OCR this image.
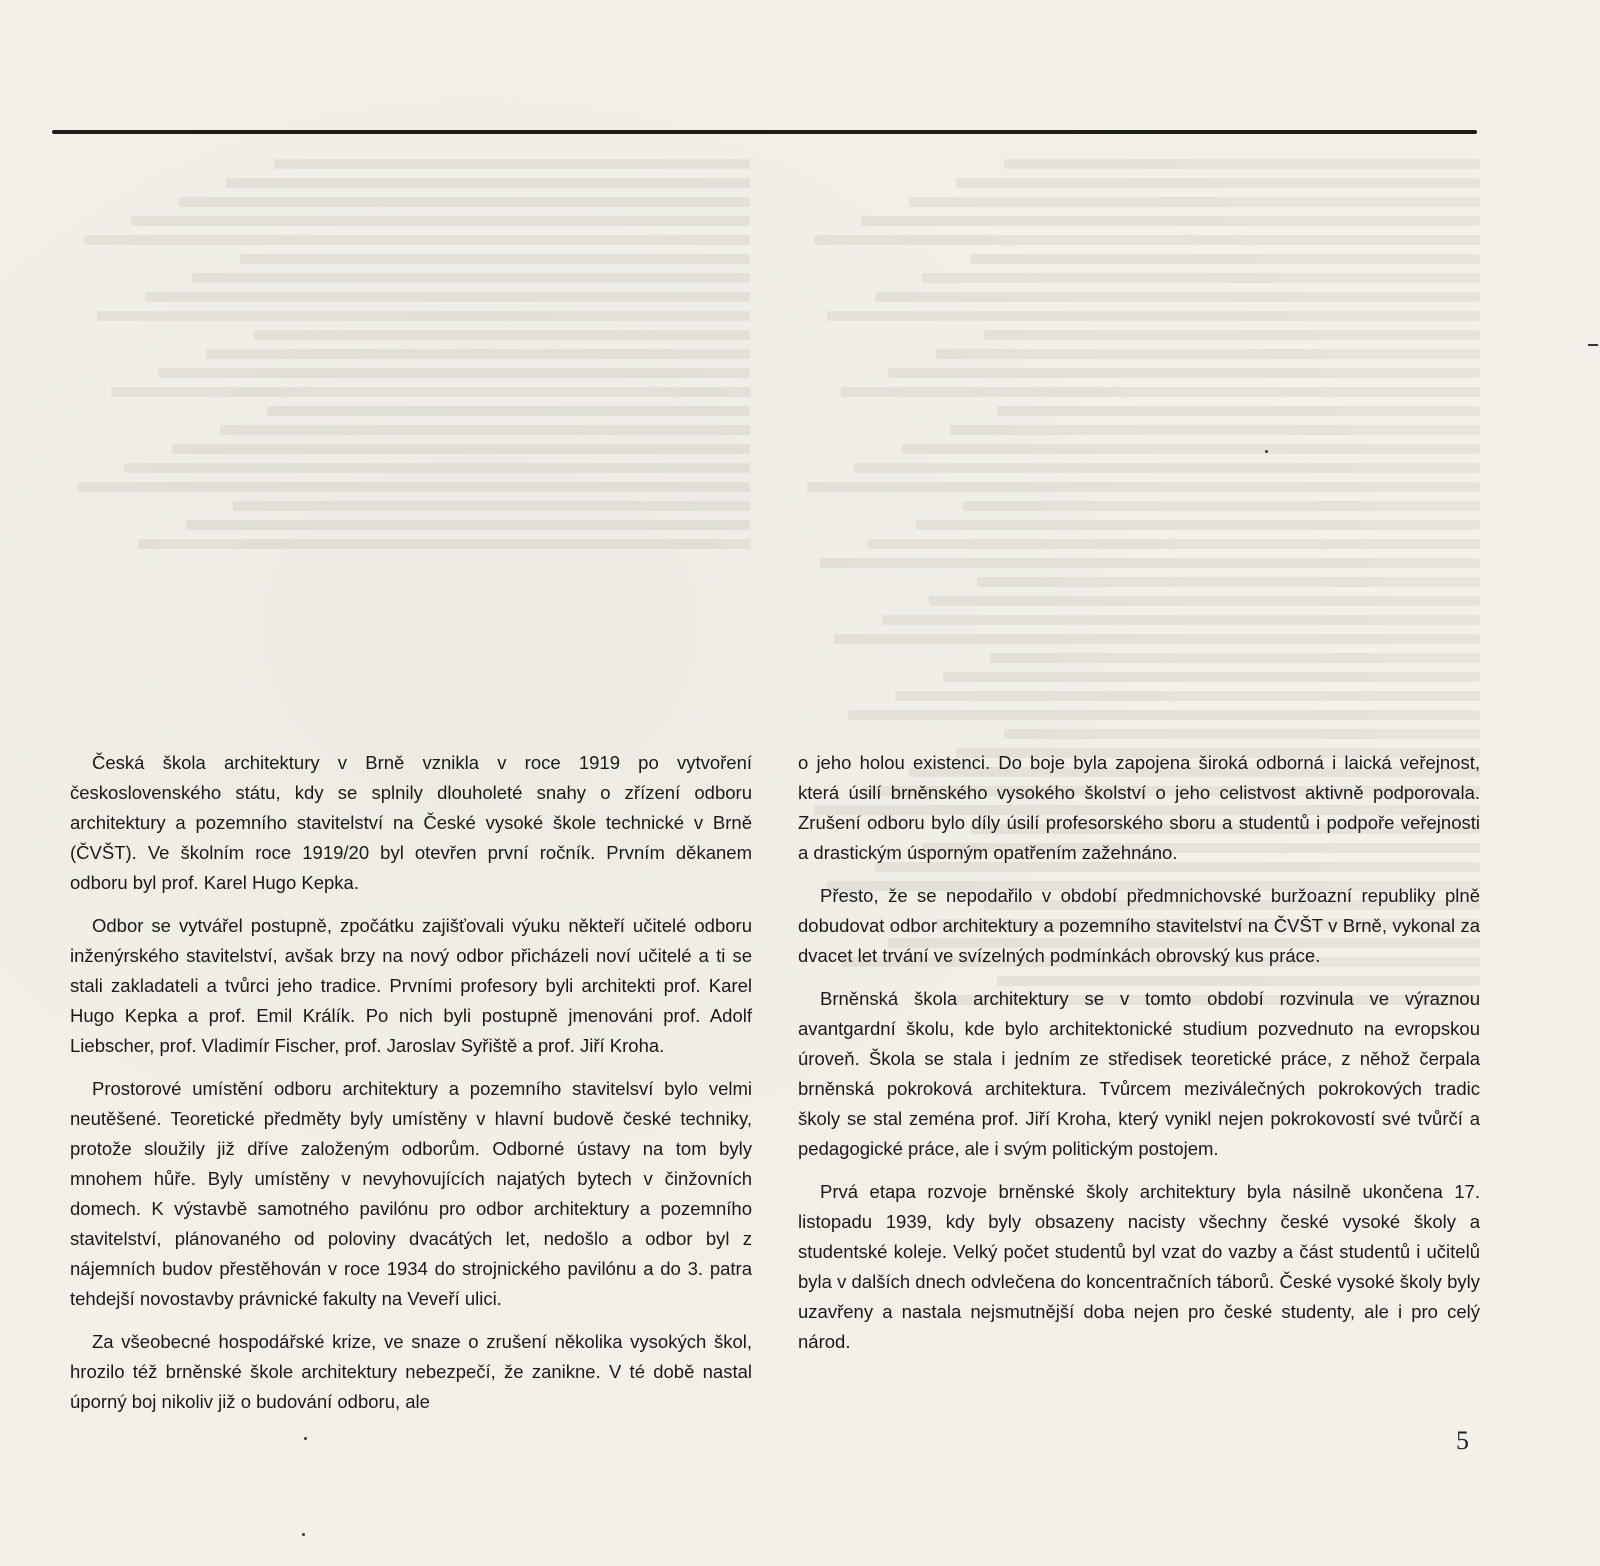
Česká škola architektury v Brně vznikla v roce 1919 po vytvoření československého státu, kdy se splnily dlouholeté snahy o zřízení odboru architektury a pozemního stavitelství na České vysoké škole technické v Brně (ČVŠT). Ve školním roce 1919/20 byl otevřen první ročník. Prvním děkanem odboru byl prof. Karel Hugo Kepka.

Odbor se vytvářel postupně, zpočátku zajišťovali výuku někteří učitelé odboru inženýrského stavitelství, avšak brzy na nový odbor přicházeli noví učitelé a ti se stali zakladateli a tvůrci jeho tradice. Prvními profesory byli architekti prof. Karel Hugo Kepka a prof. Emil Králík. Po nich byli postupně jmenováni prof. Adolf Liebscher, prof. Vladimír Fischer, prof. Jaroslav Syřiště a prof. Jiří Kroha.

Prostorové umístění odboru architektury a pozemního stavitelsví bylo velmi neutěšené. Teoretické předměty byly umístěny v hlavní budově české techniky, protože sloužily již dříve založeným odborům. Odborné ústavy na tom byly mnohem hůře. Byly umístěny v nevyhovujících najatých bytech v činžovních domech. K výstavbě samotného pavilónu pro odbor architektury a pozemního stavitelství, plánovaného od poloviny dvacátých let, nedošlo a odbor byl z nájemních budov přestěhován v roce 1934 do strojnického pavilónu a do 3. patra tehdejší novostavby právnické fakulty na Veveří ulici.

Za všeobecné hospodářské krize, ve snaze o zrušení několika vysokých škol, hrozilo též brněnské škole architektury nebezpečí, že zanikne. V té době nastal úporný boj nikoliv již o budování odboru, ale

o jeho holou existenci. Do boje byla zapojena široká odborná i laická veřejnost, která úsilí brněnského vysokého školství o jeho celistvost aktivně podporovala. Zrušení odboru bylo díly úsilí profesorského sboru a studentů i podpoře veřejnosti a drastickým úsporným opatřením zažehnáno.

Přesto, že se nepodařilo v období předmnichovské buržoazní republiky plně dobudovat odbor architektury a pozemního stavitelství na ČVŠT v Brně, vykonal za dvacet let trvání ve svízelných podmínkách obrovský kus práce.

Brněnská škola architektury se v tomto období rozvinula ve výraznou avantgardní školu, kde bylo architektonické studium pozvednuto na evropskou úroveň. Škola se stala i jedním ze středisek teoretické práce, z něhož čerpala brněnská pokroková architektura. Tvůrcem meziválečných pokrokových tradic školy se stal zeména prof. Jiří Kroha, který vynikl nejen pokrokovostí své tvůrčí a pedagogické práce, ale i svým politickým postojem.

Prvá etapa rozvoje brněnské školy architektury byla násilně ukončena 17. listopadu 1939, kdy byly obsazeny nacisty všechny české vysoké školy a studentské koleje. Velký počet studentů byl vzat do vazby a část studentů i učitelů byla v dalších dnech odvlečena do koncentračních táborů. České vysoké školy byly uzavřeny a nastala nejsmutnější doba nejen pro české studenty, ale i pro celý národ.

5
